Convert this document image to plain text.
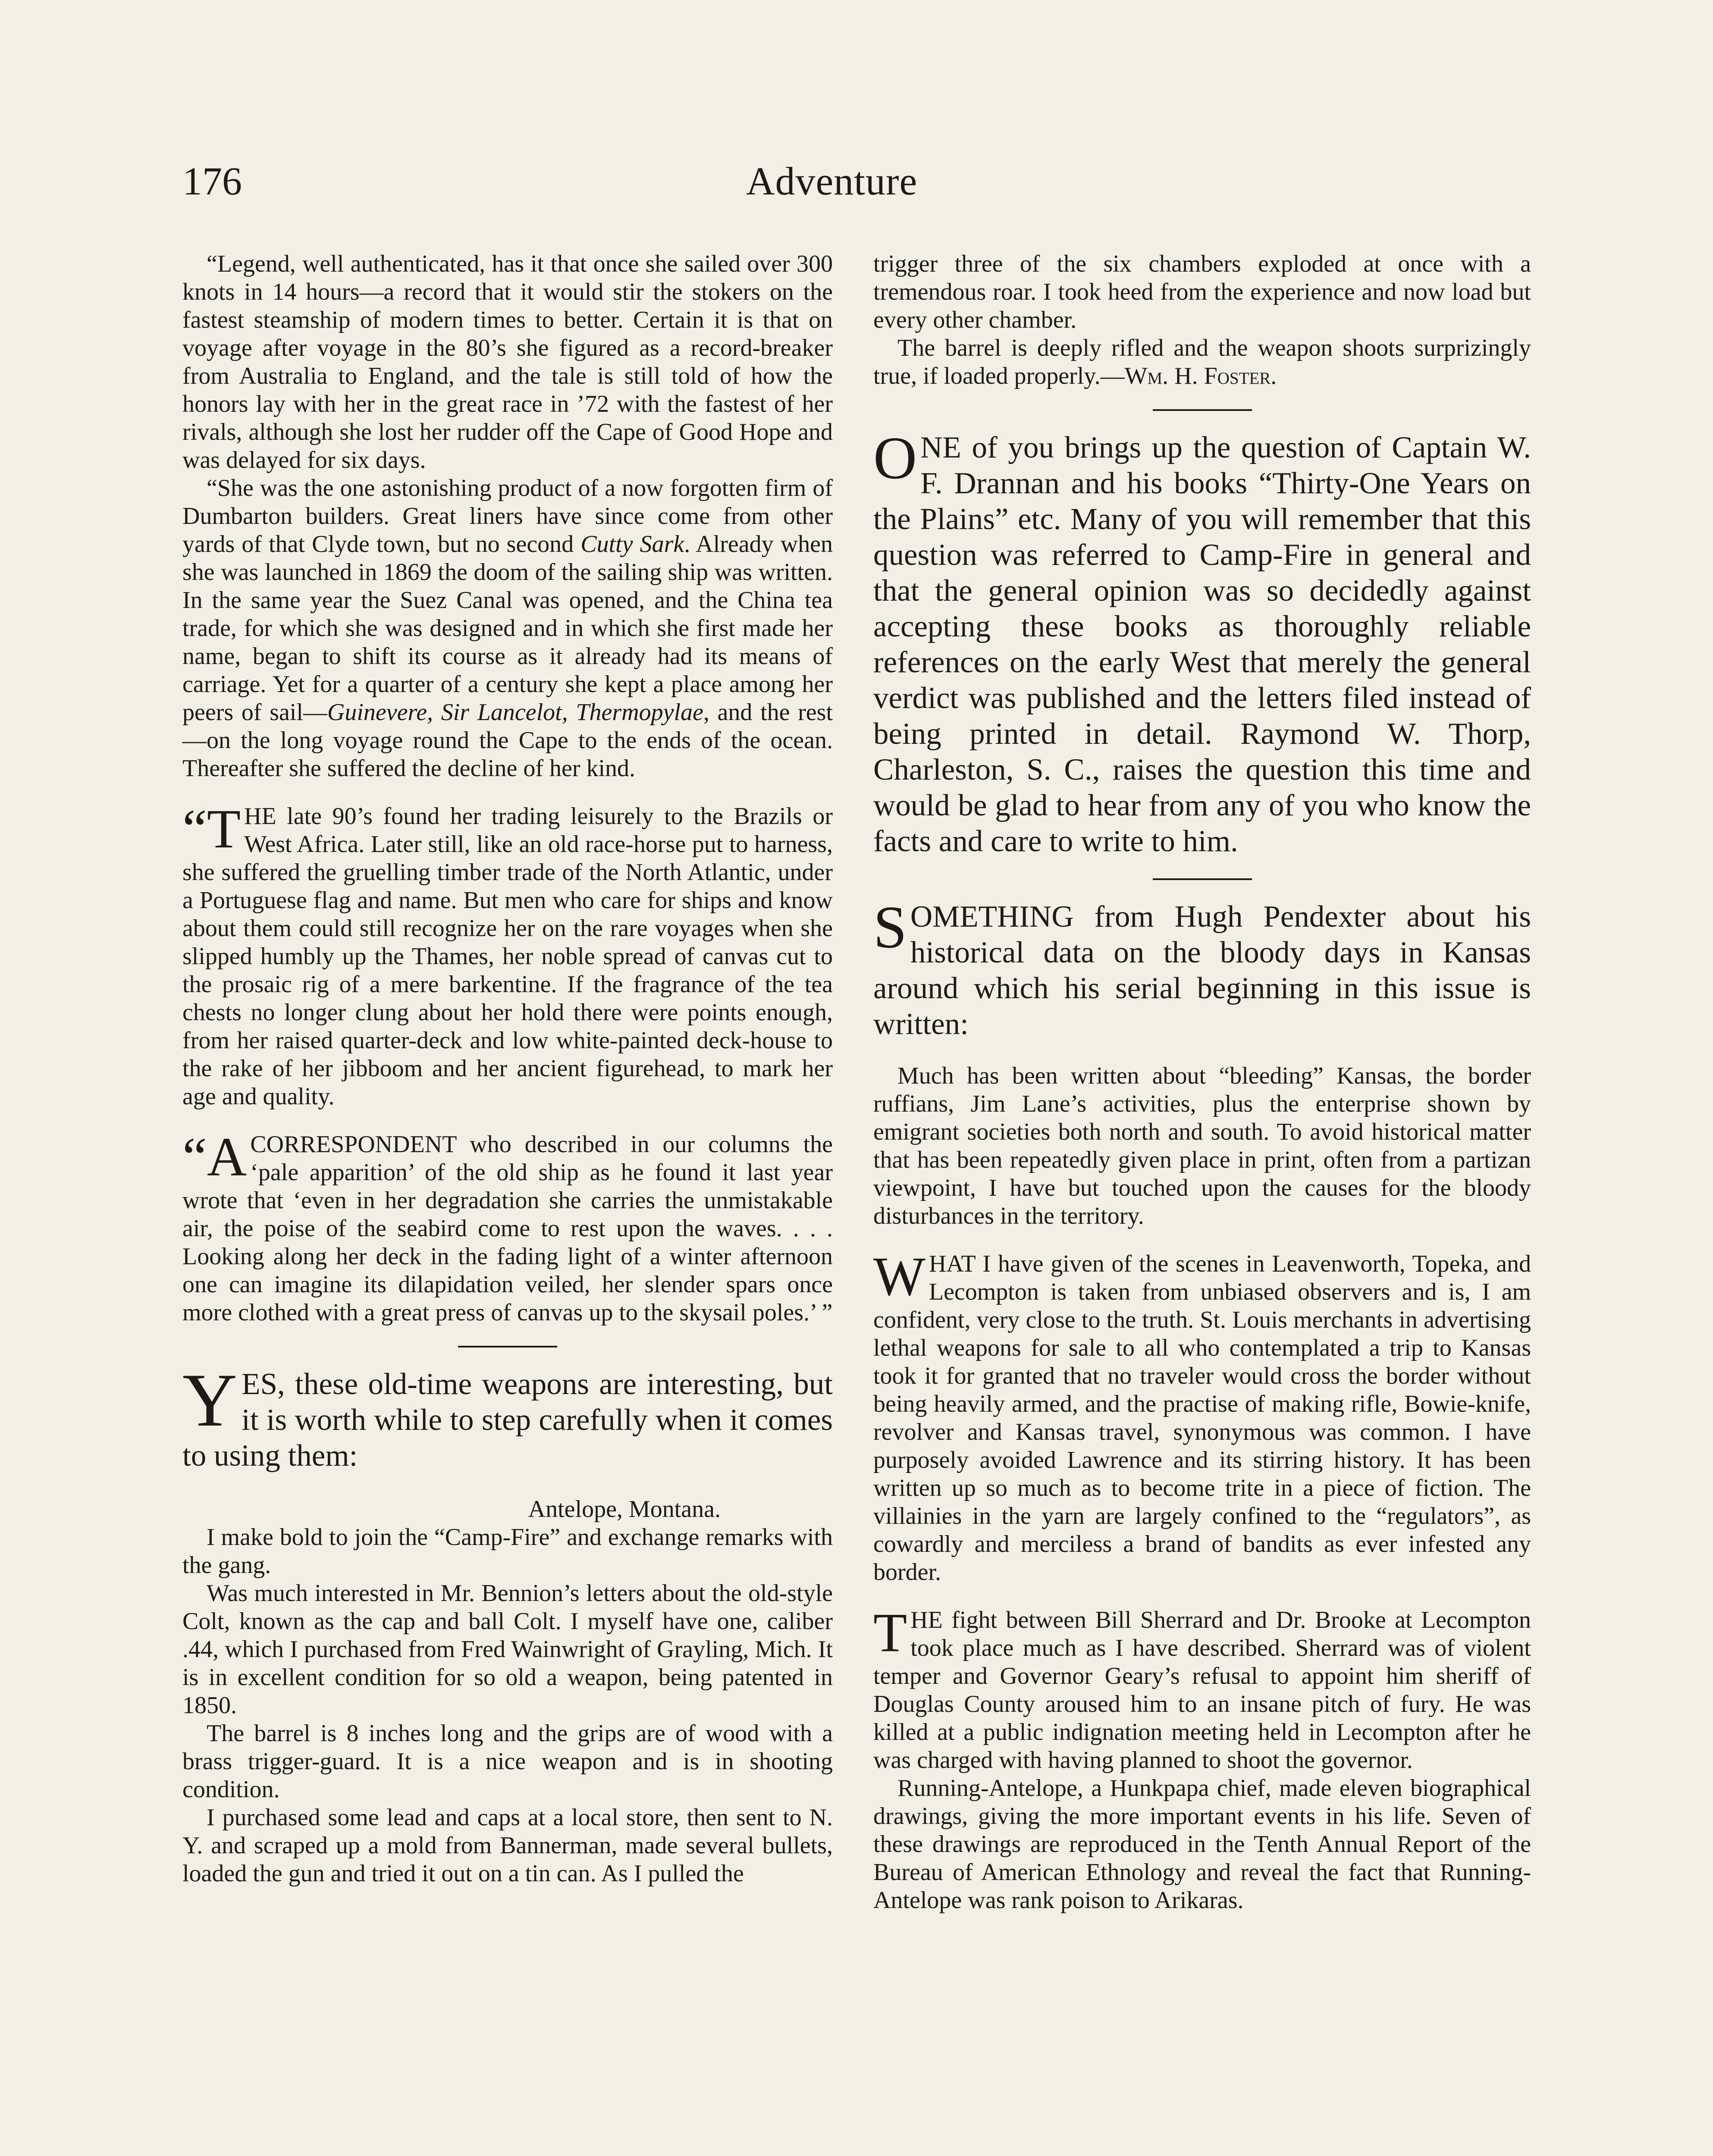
176	Adventure

“Legend, well authenticated, has it that once she sailed over 300 knots in 14 hours—a record that it would stir the stokers on the fastest steamship of modern times to better. Certain it is that on voyage after voyage in the 80’s she figured as a record-breaker from Australia to England, and the tale is still told of how the honors lay with her in the great race in ’72 with the fastest of her rivals, although she lost her rudder off the Cape of Good Hope and was delayed for six days.

“She was the one astonishing product of a now forgotten firm of Dumbarton builders. Great liners have since come from other yards of that Clyde town, but no second Cutty Sark. Already when she was launched in 1869 the doom of the sailing ship was written. In the same year the Suez Canal was opened, and the China tea trade, for which she was designed and in which she first made her name, began to shift its course as it already had its means of carriage. Yet for a quarter of a century she kept a place among her peers of sail—Guinevere, Sir Lancelot, Thermopylae, and the rest—on the long voyage round the Cape to the ends of the ocean. Thereafter she suffered the decline of her kind.

“THE late 90’s found her trading leisurely to the Brazils or West Africa. Later still, like an old race-horse put to harness, she suffered the gruelling timber trade of the North Atlantic, under a Portuguese flag and name. But men who care for ships and know about them could still recognize her on the rare voyages when she slipped humbly up the Thames, her noble spread of canvas cut to the prosaic rig of a mere barkentine. If the fragrance of the tea chests no longer clung about her hold there were points enough, from her raised quarter-deck and low white-painted deck-house to the rake of her jibboom and her ancient figurehead, to mark her age and quality.

“ACORRESPONDENT who described in our columns the ‘pale apparition’ of the old ship as he found it last year wrote that ‘even in her degradation she carries the unmistakable air, the poise of the seabird come to rest upon the waves. . . . Looking along her deck in the fading light of a winter afternoon one can imagine its dilapidation veiled, her slender spars once more clothed with a great press of canvas up to the skysail poles.’ ”

YES, these old-time weapons are interesting, but it is worth while to step carefully when it comes to using them:

Antelope, Montana.

I make bold to join the “Camp-Fire” and exchange remarks with the gang.

Was much interested in Mr. Bennion’s letters about the old-style Colt, known as the cap and ball Colt. I myself have one, caliber .44, which I purchased from Fred Wainwright of Grayling, Mich. It is in excellent condition for so old a weapon, being patented in 1850.

The barrel is 8 inches long and the grips are of wood with a brass trigger-guard. It is a nice weapon and is in shooting condition.

I purchased some lead and caps at a local store, then sent to N. Y. and scraped up a mold from Bannerman, made several bullets, loaded the gun and tried it out on a tin can. As I pulled the

trigger three of the six chambers exploded at once with a tremendous roar. I took heed from the experience and now load but every other chamber.

The barrel is deeply rifled and the weapon shoots surprizingly true, if loaded properly.—Wm. H. Foster.

ONE of you brings up the question of Captain W. F. Drannan and his books “Thirty-One Years on the Plains” etc. Many of you will remember that this question was referred to Camp-Fire in general and that the general opinion was so decidedly against accepting these books as thoroughly reliable references on the early West that merely the general verdict was published and the letters filed instead of being printed in detail. Raymond W. Thorp, Charleston, S. C., raises the question this time and would be glad to hear from any of you who know the facts and care to write to him.

SOMETHING from Hugh Pendexter about his historical data on the bloody days in Kansas around which his serial beginning in this issue is written:

Much has been written about “bleeding” Kansas, the border ruffians, Jim Lane’s activities, plus the enterprise shown by emigrant societies both north and south. To avoid historical matter that has been repeatedly given place in print, often from a partizan viewpoint, I have but touched upon the causes for the bloody disturbances in the territory.

WHAT I have given of the scenes in Leavenworth, Topeka, and Lecompton is taken from unbiased observers and is, I am confident, very close to the truth. St. Louis merchants in advertising lethal weapons for sale to all who contemplated a trip to Kansas took it for granted that no traveler would cross the border without being heavily armed, and the practise of making rifle, Bowie-knife, revolver and Kansas travel, synonymous was common. I have purposely avoided Lawrence and its stirring history. It has been written up so much as to become trite in a piece of fiction. The villainies in the yarn are largely confined to the “regulators”, as cowardly and merciless a brand of bandits as ever infested any border.

THE fight between Bill Sherrard and Dr. Brooke at Lecompton took place much as I have described. Sherrard was of violent temper and Governor Geary’s refusal to appoint him sheriff of Douglas County aroused him to an insane pitch of fury. He was killed at a public indignation meeting held in Lecompton after he was charged with having planned to shoot the governor.

Running-Antelope, a Hunkpapa chief, made eleven biographical drawings, giving the more important events in his life. Seven of these drawings are reproduced in the Tenth Annual Report of the Bureau of American Ethnology and reveal the fact that Running-Antelope was rank poison to Arikaras.
